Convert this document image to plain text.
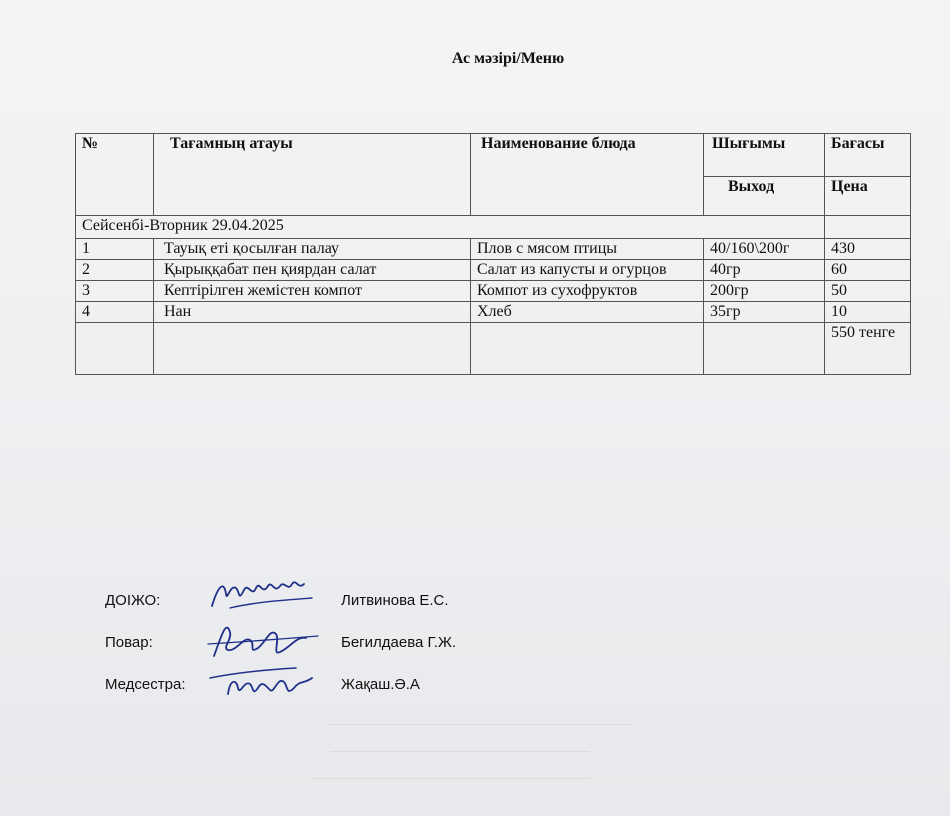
Ас мәзірі/Меню
№	Тағамның атауы	Наименование блюда	Шығымы	Бағасы
			Выход	Цена
Сейсенбі-Вторник 29.04.2025				
1	Тауық еті қосылған палау	Плов с мясом птицы	40/160\200г	430
2	Қырыққабат пен қиярдан салат	Салат из капусты и огурцов	40гр	60
3	Кептірілген жемістен компот	Компот из сухофруктов	200гр	50
4	Нан	Хлеб	35гр	10
				550 тенге
ДОІЖО:	Литвинова Е.С.
Повар:	Бегилдаева Г.Ж.
Медсестра:	Жақаш.Ә.А
